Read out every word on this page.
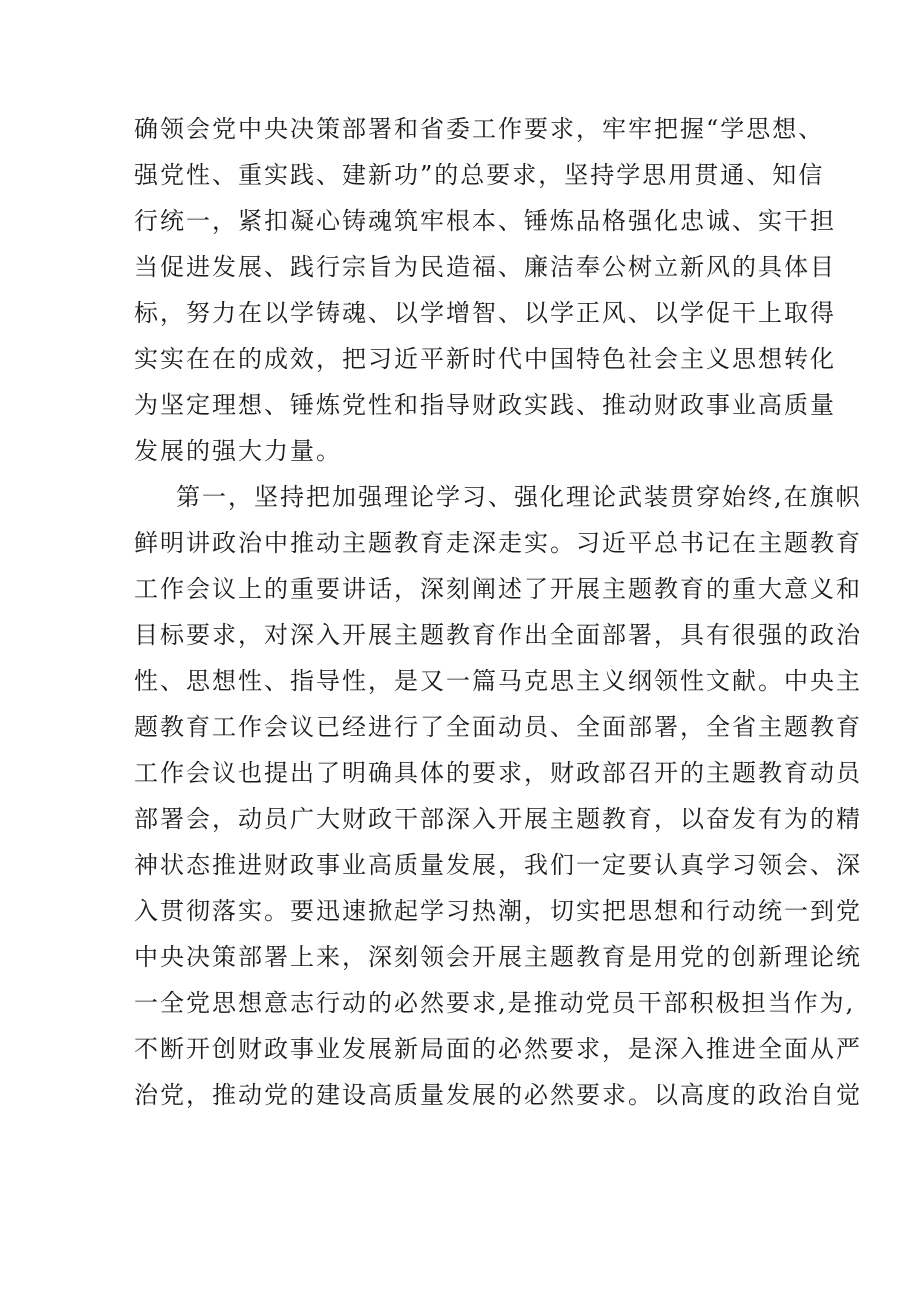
确领会党中央决策部署和省委工作要求，牢牢把握“学思想、
强党性、重实践、建新功”的总要求，坚持学思用贯通、知信
行统一，紧扣凝心铸魂筑牢根本、锤炼品格强化忠诚、实干担
当促进发展、践行宗旨为民造福、廉洁奉公树立新风的具体目
标，努力在以学铸魂、以学增智、以学正风、以学促干上取得
实实在在的成效，把习近平新时代中国特色社会主义思想转化
为坚定理想、锤炼党性和指导财政实践、推动财政事业高质量
发展的强大力量。
第一，坚持把加强理论学习、强化理论武装贯穿始终,在旗帜
鲜明讲政治中推动主题教育走深走实。习近平总书记在主题教育
工作会议上的重要讲话，深刻阐述了开展主题教育的重大意义和
目标要求，对深入开展主题教育作出全面部署，具有很强的政治
性、思想性、指导性，是又一篇马克思主义纲领性文献。中央主
题教育工作会议已经进行了全面动员、全面部署，全省主题教育
工作会议也提出了明确具体的要求，财政部召开的主题教育动员
部署会，动员广大财政干部深入开展主题教育，以奋发有为的精
神状态推进财政事业高质量发展，我们一定要认真学习领会、深
入贯彻落实。要迅速掀起学习热潮，切实把思想和行动统一到党
中央决策部署上来，深刻领会开展主题教育是用党的创新理论统
一全党思想意志行动的必然要求,是推动党员干部积极担当作为,
不断开创财政事业发展新局面的必然要求，是深入推进全面从严
治党，推动党的建设高质量发展的必然要求。以高度的政治自觉
